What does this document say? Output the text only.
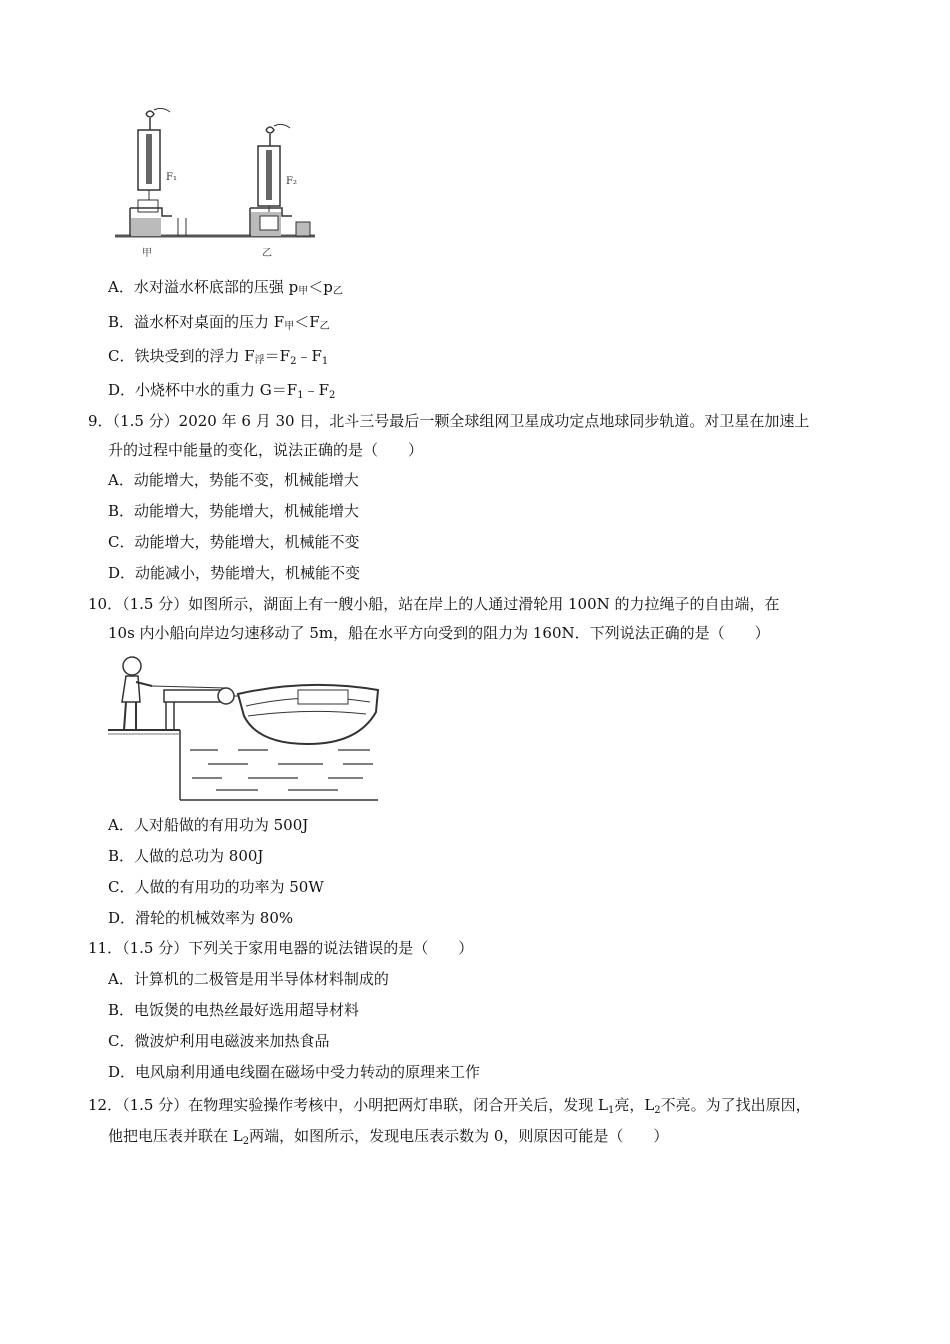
F₁	F₂
甲	乙
A．水对溢水杯底部的压强 p甲＜p乙
B．溢水杯对桌面的压力 F甲＜F乙
C．铁块受到的浮力 F浮$=F_2﹣F_1$
D．小烧杯中水的重力 $G=F_1﹣F_2$
9．（1.5 分）2020 年 6 月 30 日，北斗三号最后一颗全球组网卫星成功定点地球同步轨道。对卫星在加速上
升的过程中能量的变化，说法正确的是（　　）
A．动能增大，势能不变，机械能增大
B．动能增大，势能增大，机械能增大
C．动能增大，势能增大，机械能不变
D．动能减小，势能增大，机械能不变
10．（1.5 分）如图所示，湖面上有一艘小船，站在岸上的人通过滑轮用 100N 的力拉绳子的自由端，在
10s 内小船向岸边匀速移动了 5m，船在水平方向受到的阻力为 160N．下列说法正确的是（　　）
A．人对船做的有用功为 500J
B．人做的总功为 800J
C．人做的有用功的功率为 50W
D．滑轮的机械效率为 80%
11．（1.5 分）下列关于家用电器的说法错误的是（　　）
A．计算机的二极管是用半导体材料制成的
B．电饭煲的电热丝最好选用超导材料
C．微波炉利用电磁波来加热食品
D．电风扇利用通电线圈在磁场中受力转动的原理来工作
12．（1.5 分）在物理实验操作考核中，小明把两灯串联，闭合开关后，发现 $L_1$亮，$L_2$不亮。为了找出原因，
他把电压表并联在 $L_2$两端，如图所示，发现电压表示数为 0，则原因可能是（　　）
